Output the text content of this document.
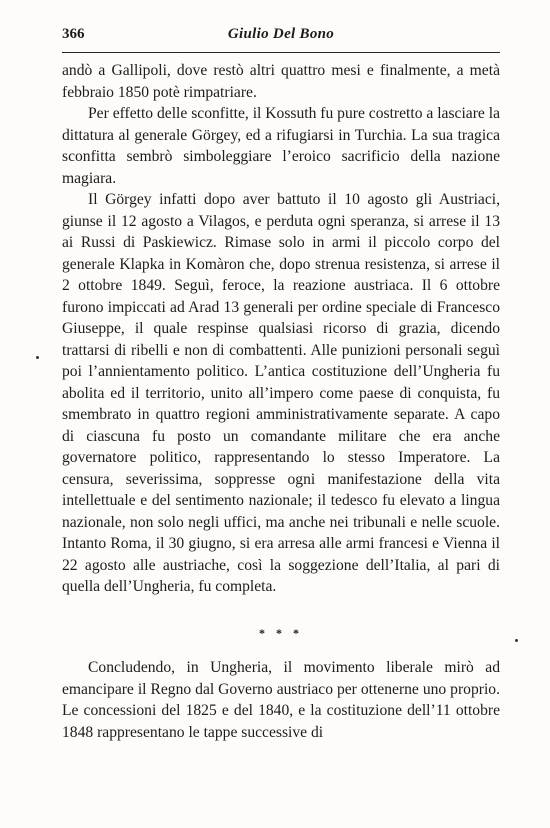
366	Giulio Del Bono

andò a Gallipoli, dove restò altri quattro mesi e finalmente, a metà febbraio 1850 potè rimpatriare.

Per effetto delle sconfitte, il Kossuth fu pure costretto a lasciare la dittatura al generale Görgey, ed a rifugiarsi in Turchia. La sua tragica sconfitta sembrò simboleggiare l’eroico sacrificio della nazione magiara.

Il Görgey infatti dopo aver battuto il 10 agosto gli Austriaci, giunse il 12 agosto a Vilagos, e perduta ogni speranza, si arrese il 13 ai Russi di Paskiewicz. Rimase solo in armi il piccolo corpo del generale Klapka in Komàron che, dopo strenua resistenza, si arrese il 2 ottobre 1849. Seguì, feroce, la reazione austriaca. Il 6 ottobre furono impiccati ad Arad 13 generali per ordine speciale di Francesco Giuseppe, il quale respinse qualsiasi ricorso di grazia, dicendo trattarsi di ribelli e non di combattenti. Alle punizioni personali seguì poi l’annientamento politico. L’antica costituzione dell’Ungheria fu abolita ed il territorio, unito all’impero come paese di conquista, fu smembrato in quattro regioni amministrativamente separate. A capo di ciascuna fu posto un comandante militare che era anche governatore politico, rappresentando lo stesso Imperatore. La censura, severissima, soppresse ogni manifestazione della vita intellettuale e del sentimento nazionale; il tedesco fu elevato a lingua nazionale, non solo negli uffici, ma anche nei tribunali e nelle scuole. Intanto Roma, il 30 giugno, si era arresa alle armi francesi e Vienna il 22 agosto alle austriache, così la soggezione dell’Italia, al pari di quella dell’Ungheria, fu completa.

* * *

Concludendo, in Ungheria, il movimento liberale mirò ad emancipare il Regno dal Governo austriaco per ottenerne uno proprio. Le concessioni del 1825 e del 1840, e la costituzione dell’11 ottobre 1848 rappresentano le tappe successive di
